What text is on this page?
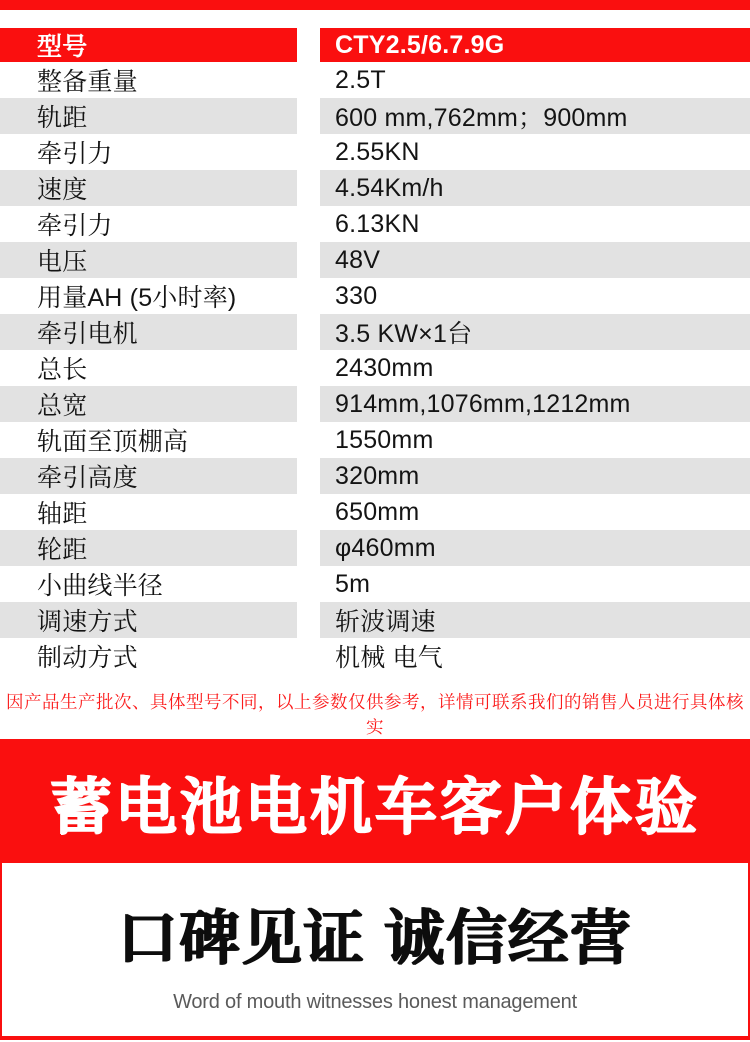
型号	CTY2.5/6.7.9G
整备重量	2.5T
轨距	600 mm,762mm；900mm
牵引力	2.55KN
速度	4.54Km/h
牵引力	6.13KN
电压	48V
用量AH (5小时率)	330
牵引电机	3.5 KW×1台
总长	2430mm
总宽	914mm,1076mm,1212mm
轨面至顶棚高	1550mm
牵引高度	320mm
轴距	650mm
轮距	φ460mm
小曲线半径	5m
调速方式	斩波调速
制动方式	机械 电气
因产品生产批次、具体型号不同，以上参数仅供参考，详情可联系我们的销售人员进行具体核实
蓄电池电机车客户体验
口碑见证 诚信经营
Word of mouth witnesses honest management
